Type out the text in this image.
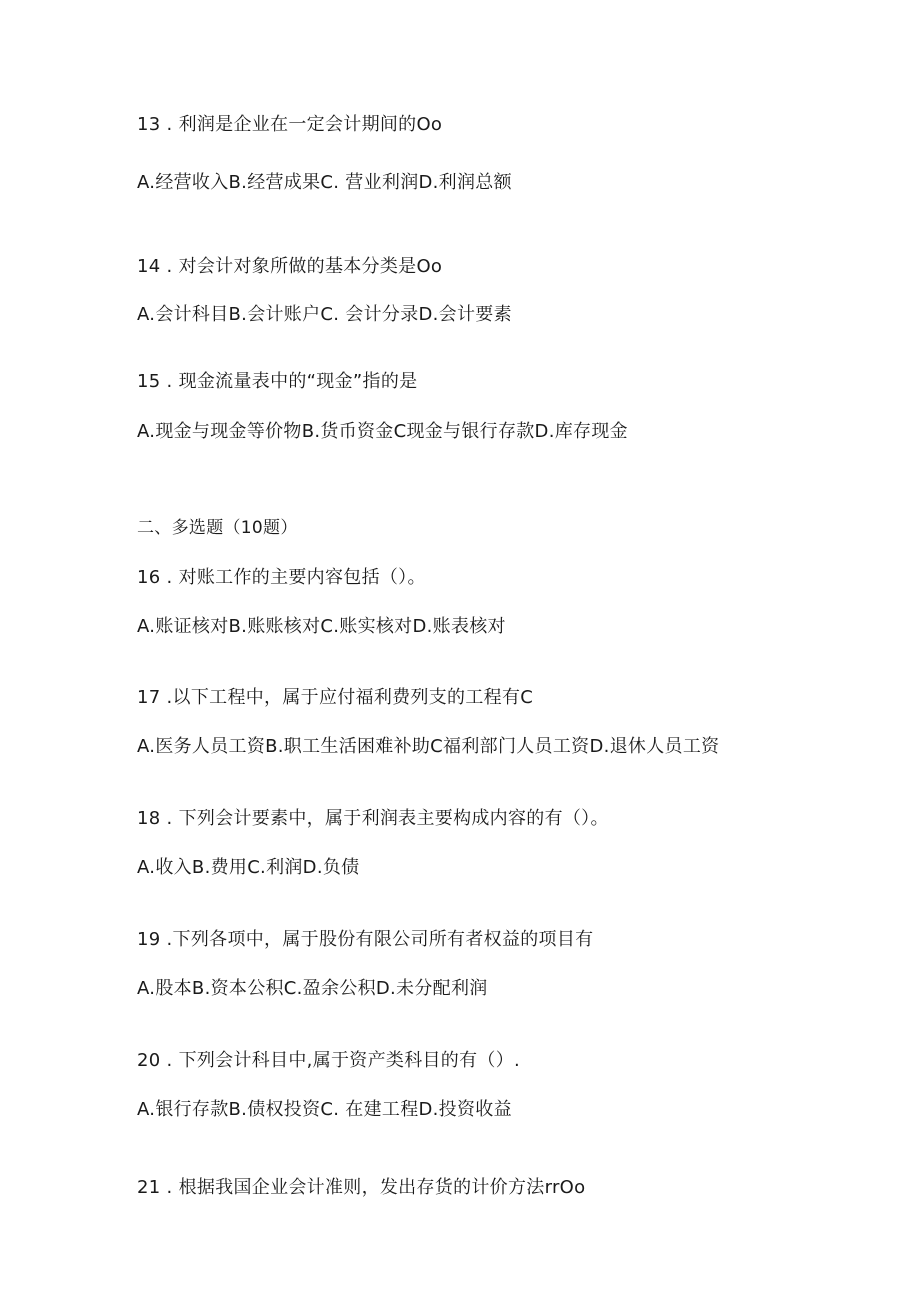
13 . 利润是企业在一定会计期间的Oo
A.经营收入B.经营成果C. 营业利润D.利润总额
14 . 对会计对象所做的基本分类是Oo
A.会计科目B.会计账户C. 会计分录D.会计要素
15 . 现金流量表中的“现金”指的是
A.现金与现金等价物B.货币资金C现金与银行存款D.库存现金
二、多选题（10题）
16 . 对账工作的主要内容包括（）。
A.账证核对B.账账核对C.账实核对D.账表核对
17 .以下工程中，属于应付福利费列支的工程有C
A.医务人员工资B.职工生活困难补助C福利部门人员工资D.退休人员工资
18 . 下列会计要素中，属于利润表主要构成内容的有（）。
A.收入B.费用C.利润D.负债
19 .下列各项中，属于股份有限公司所有者权益的项目有
A.股本B.资本公积C.盈余公积D.未分配利润
20 . 下列会计科目中,属于资产类科目的有（）.
A.银行存款B.债权投资C. 在建工程D.投资收益
21 . 根据我国企业会计准则，发出存货的计价方法rrOo
